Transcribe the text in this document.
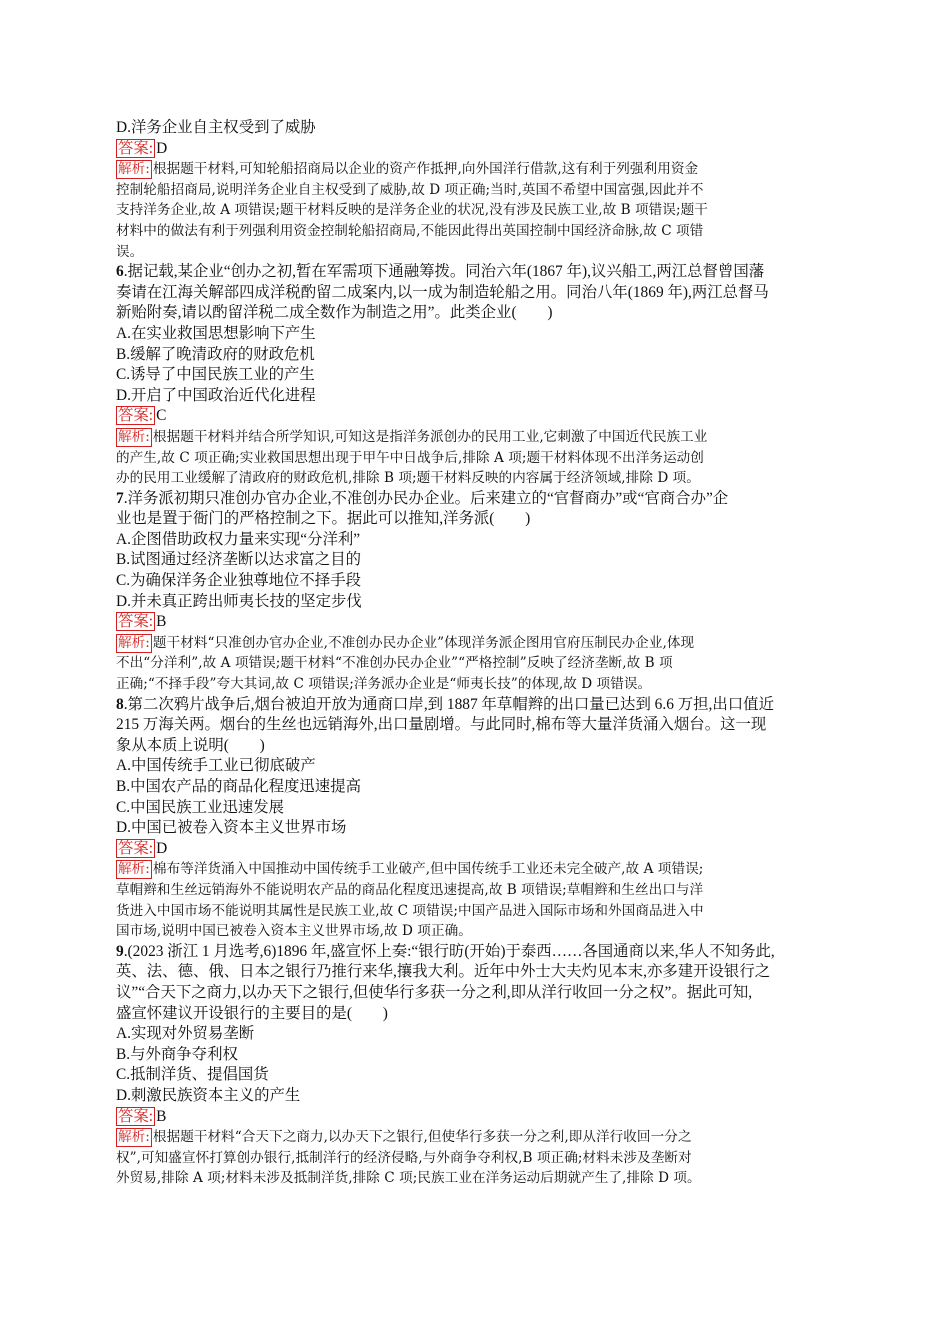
D.洋务企业自主权受到了威胁
答案: D
解析: 根据题干材料,可知轮船招商局以企业的资产作抵押,向外国洋行借款,这有利于列强利用资金
控制轮船招商局,说明洋务企业自主权受到了威胁,故 D 项正确;当时,英国不希望中国富强,因此并不
支持洋务企业,故 A 项错误;题干材料反映的是洋务企业的状况,没有涉及民族工业,故 B 项错误;题干
材料中的做法有利于列强利用资金控制轮船招商局,不能因此得出英国控制中国经济命脉,故 C 项错
误。
6.据记载,某企业“创办之初,暂在军需项下通融筹拨。同治六年(1867 年),议兴船工,两江总督曾国藩
奏请在江海关解部四成洋税酌留二成案内,以一成为制造轮船之用。同治八年(1869 年),两江总督马
新贻附奏,请以酌留洋税二成全数作为制造之用”。此类企业(　　)
A.在实业救国思想影响下产生
B.缓解了晚清政府的财政危机
C.诱导了中国民族工业的产生
D.开启了中国政治近代化进程
答案: C
解析: 根据题干材料并结合所学知识,可知这是指洋务派创办的民用工业,它刺激了中国近代民族工业
的产生,故 C 项正确;实业救国思想出现于甲午中日战争后,排除 A 项;题干材料体现不出洋务运动创
办的民用工业缓解了清政府的财政危机,排除 B 项;题干材料反映的内容属于经济领域,排除 D 项。
7.洋务派初期只准创办官办企业,不准创办民办企业。后来建立的“官督商办”或“官商合办”企
业也是置于衙门的严格控制之下。据此可以推知,洋务派(　　)
A.企图借助政权力量来实现“分洋利”
B.试图通过经济垄断以达求富之目的
C.为确保洋务企业独尊地位不择手段
D.并未真正跨出师夷长技的坚定步伐
答案: B
解析: 题干材料“只准创办官办企业,不准创办民办企业”体现洋务派企图用官府压制民办企业,体现
不出“分洋利”,故 A 项错误;题干材料“不准创办民办企业”“严格控制”反映了经济垄断,故 B 项
正确;“不择手段”夸大其词,故 C 项错误;洋务派办企业是“师夷长技”的体现,故 D 项错误。
8.第二次鸦片战争后,烟台被迫开放为通商口岸,到 1887 年草帽辫的出口量已达到 6.6 万担,出口值近
215 万海关两。烟台的生丝也远销海外,出口量剧增。与此同时,棉布等大量洋货涌入烟台。这一现
象从本质上说明(　　)
A.中国传统手工业已彻底破产
B.中国农产品的商品化程度迅速提高
C.中国民族工业迅速发展
D.中国已被卷入资本主义世界市场
答案: D
解析: 棉布等洋货涌入中国推动中国传统手工业破产,但中国传统手工业还未完全破产,故 A 项错误;
草帽辫和生丝远销海外不能说明农产品的商品化程度迅速提高,故 B 项错误;草帽辫和生丝出口与洋
货进入中国市场不能说明其属性是民族工业,故 C 项错误;中国产品进入国际市场和外国商品进入中
国市场,说明中国已被卷入资本主义世界市场,故 D 项正确。
9.(2023 浙江 1 月选考,6)1896 年,盛宣怀上奏:“银行昉(开始)于泰西……各国通商以来,华人不知务此,
英、法、德、俄、日本之银行乃推行来华,攘我大利。近年中外士大夫灼见本末,亦多建开设银行之
议”“合天下之商力,以办天下之银行,但使华行多获一分之利,即从洋行收回一分之权”。据此可知,
盛宣怀建议开设银行的主要目的是(　　)
A.实现对外贸易垄断
B.与外商争夺利权
C.抵制洋货、提倡国货
D.刺激民族资本主义的产生
答案: B
解析: 根据题干材料“合天下之商力,以办天下之银行,但使华行多获一分之利,即从洋行收回一分之
权”,可知盛宣怀打算创办银行,抵制洋行的经济侵略,与外商争夺利权,B 项正确;材料未涉及垄断对
外贸易,排除 A 项;材料未涉及抵制洋货,排除 C 项;民族工业在洋务运动后期就产生了,排除 D 项。
